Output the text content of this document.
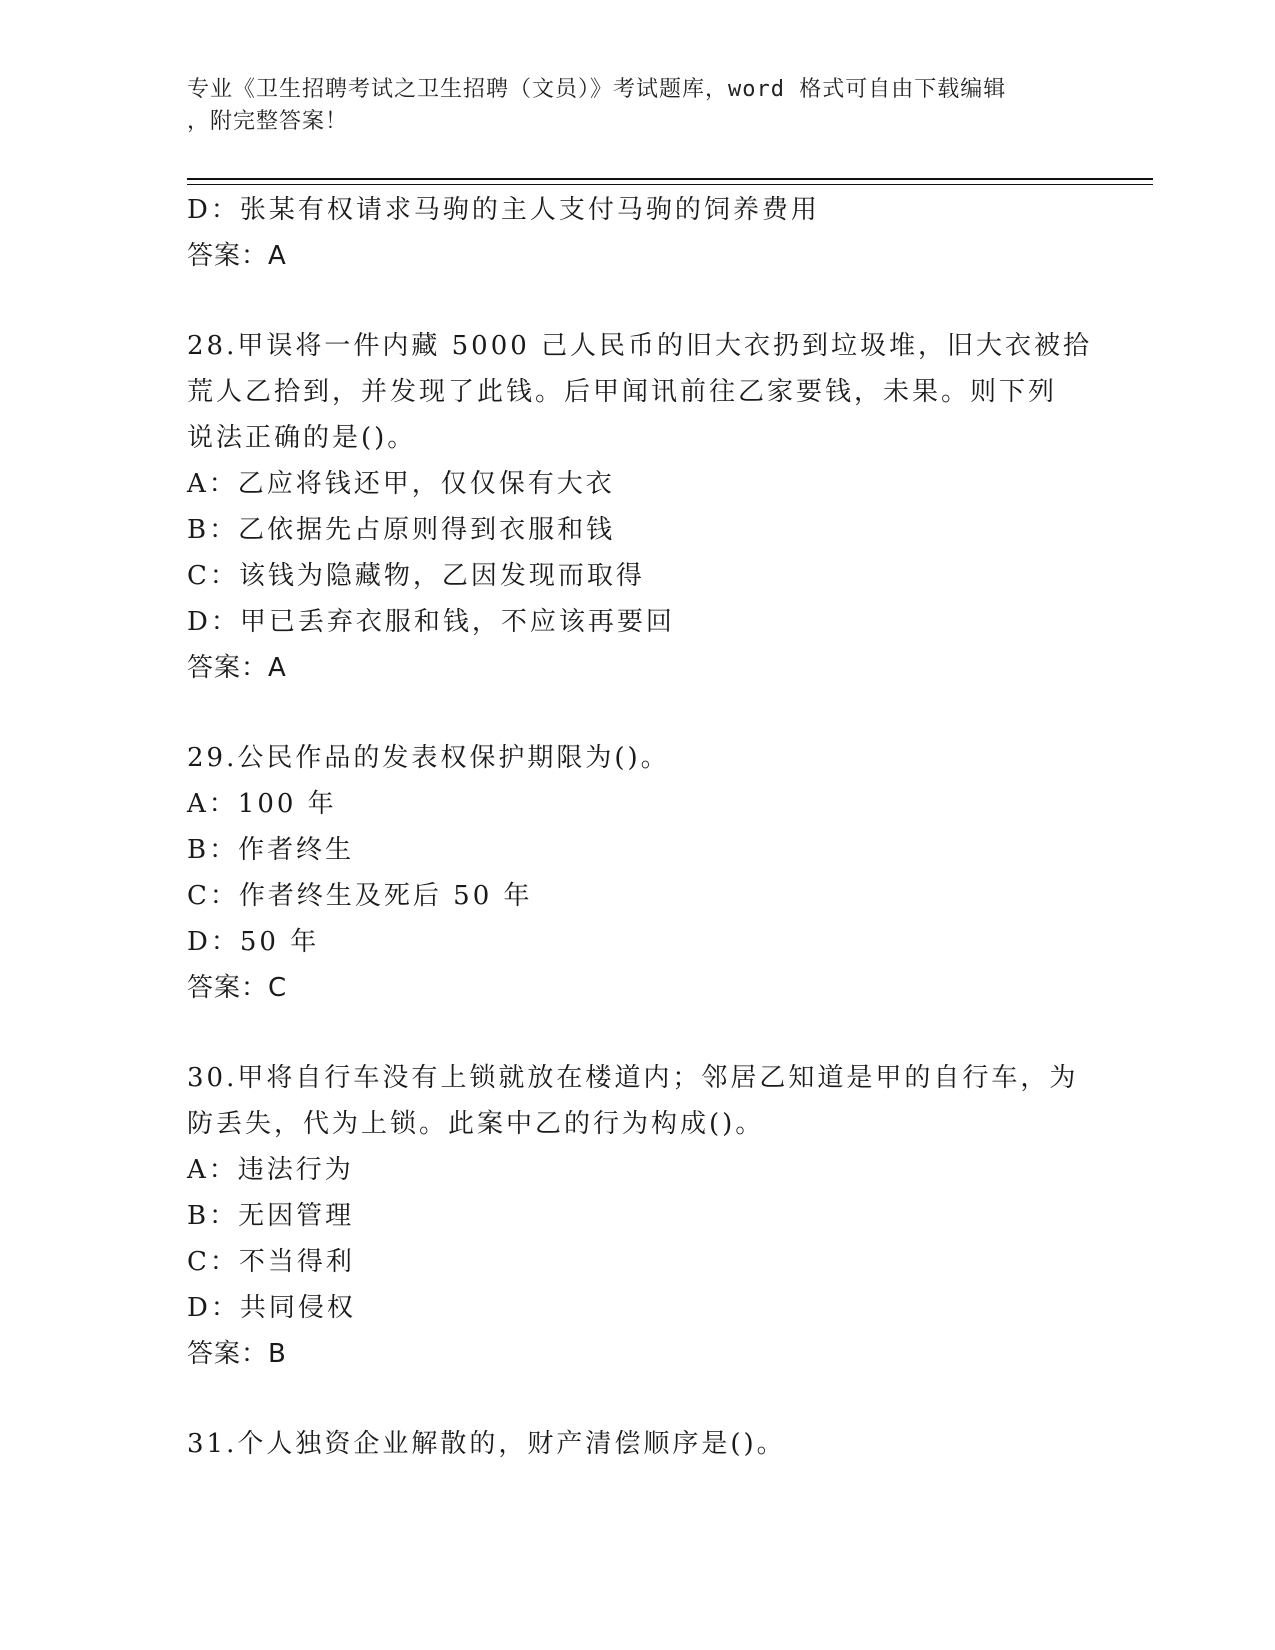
专业《卫生招聘考试之卫生招聘（文员）》考试题库，word 格式可自由下载编辑
，附完整答案！
D：张某有权请求马驹的主人支付马驹的饲养费用
答案：A
28.甲误将一件内藏 5000 己人民币的旧大衣扔到垃圾堆，旧大衣被拾
荒人乙拾到，并发现了此钱。后甲闻讯前往乙家要钱，未果。则下列
说法正确的是()。
A：乙应将钱还甲，仅仅保有大衣
B：乙依据先占原则得到衣服和钱
C：该钱为隐藏物，乙因发现而取得
D：甲已丢弃衣服和钱，不应该再要回
答案：A
29.公民作品的发表权保护期限为()。
A：100 年
B：作者终生
C：作者终生及死后 50 年
D：50 年
答案：C
30.甲将自行车没有上锁就放在楼道内；邻居乙知道是甲的自行车，为
防丢失，代为上锁。此案中乙的行为构成()。
A：违法行为
B：无因管理
C：不当得利
D：共同侵权
答案：B
31.个人独资企业解散的，财产清偿顺序是()。
